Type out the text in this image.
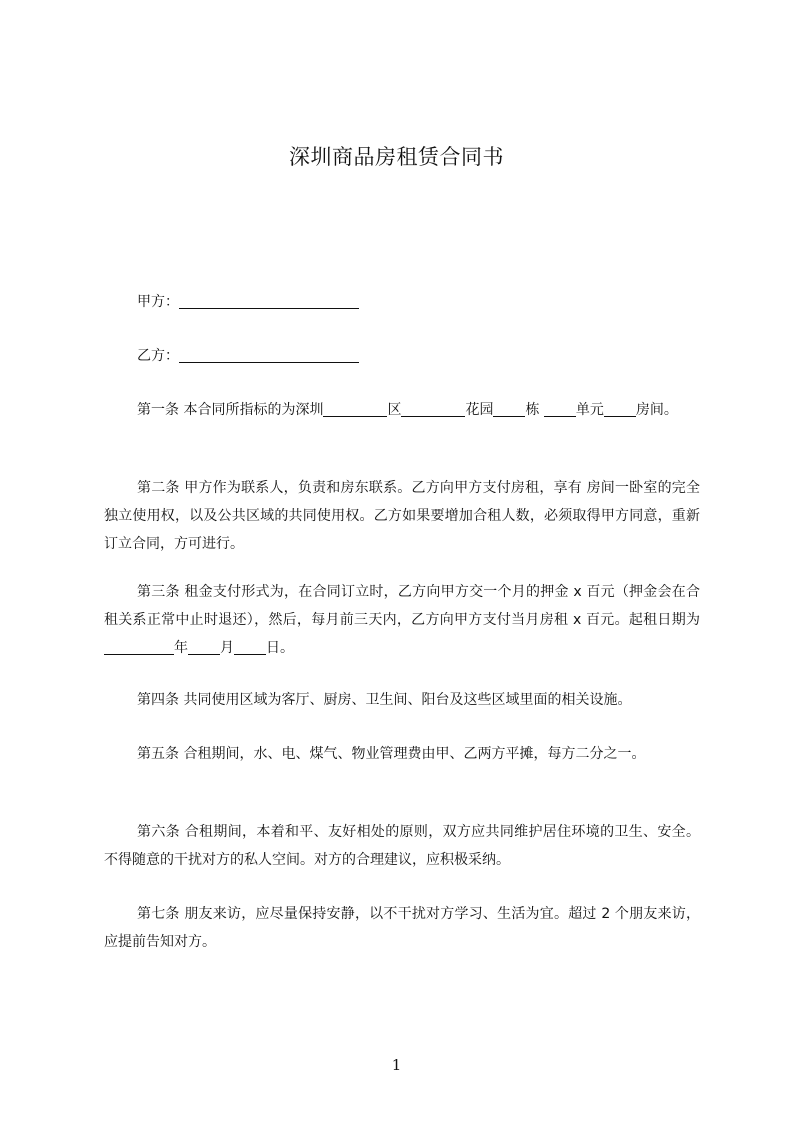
深圳商品房租赁合同书
甲方：
乙方：

第一条 本合同所指标的为深圳	区	花园 栋 单元 房间。

第二条 甲方作为联系人，负责和房东联系。乙方向甲方支付房租，享有 房间一卧室的完全独立使用权，以及公共区域的共同使用权。乙方如果要增加合租人数，必须取得甲方同意，重新订立合同，方可进行。

第三条 租金支付形式为，在合同订立时，乙方向甲方交一个月的押金 x 百元（押金会在合租关系正常中止时退还），然后，每月前三天内，乙方向甲方支付当月房租 x 百元。起租日期为年 月 日。

第四条 共同使用区域为客厅、厨房、卫生间、阳台及这些区域里面的相关设施。

第五条 合租期间，水、电、煤气、物业管理费由甲、乙两方平摊，每方二分之一。

第六条 合租期间，本着和平、友好相处的原则，双方应共同维护居住环境的卫生、安全。不得随意的干扰对方的私人空间。对方的合理建议，应积极采纳。

第七条 朋友来访，应尽量保持安静，以不干扰对方学习、生活为宜。超过 2 个朋友来访，应提前告知对方。

1
